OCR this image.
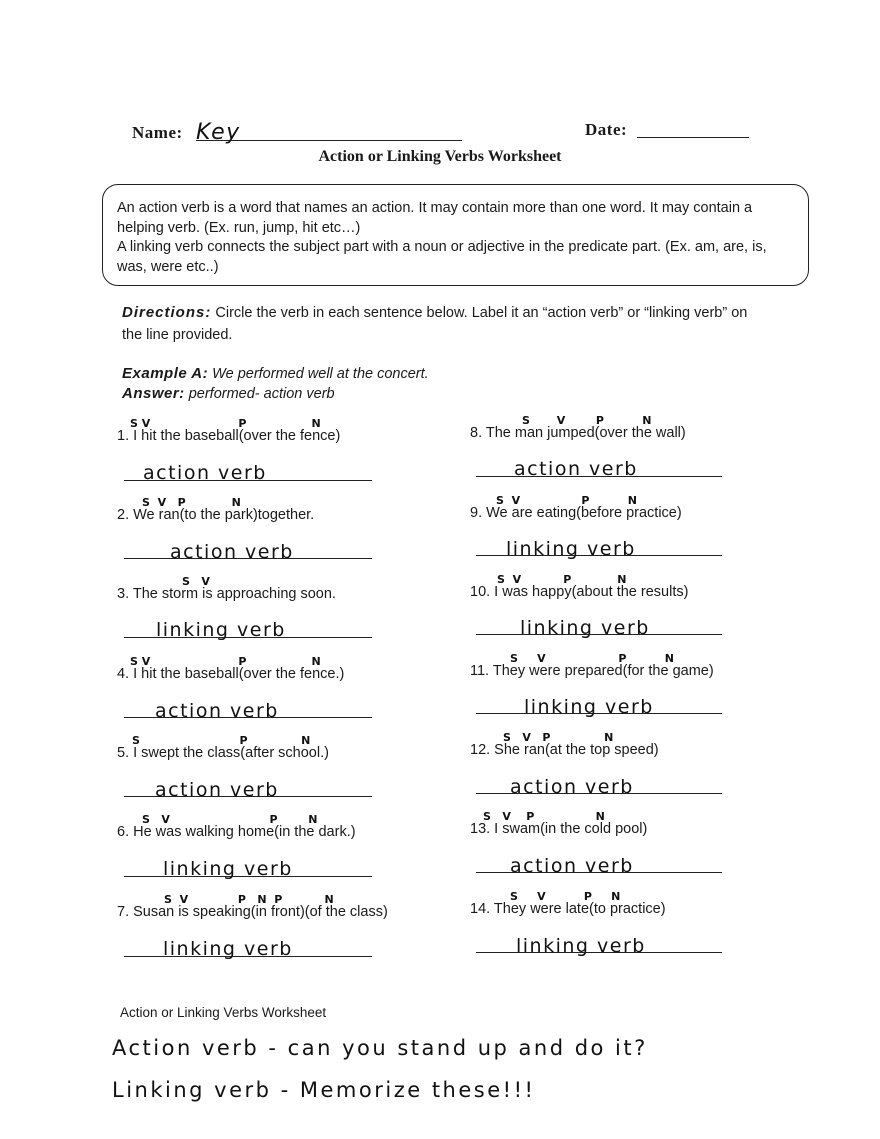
Name: Key	Date:
Action or Linking Verbs Worksheet

An action verb is a word that names an action. It may contain more than one word. It may contain a helping verb. (Ex. run, jump, hit etc…)

A linking verb connects the subject part with a noun or adjective in the predicate part. (Ex. am, are, is, was, were etc..)

Directions: Circle the verb in each sentence below. Label it an “action verb” or “linking verb” on the line provided.
Example A: We performed well at the concert.
Answer: performed- action verb
S V                       P                 N
1. I hit the baseball(over the fence)
action verb
S  V   P            N
2. We ran(to the park)together.
action verb
S   V
3. The storm is approaching soon.
linking verb
S V                       P                 N
4. I hit the baseball(over the fence.)
action verb
S                          P              N
5. I swept the class(after school.)
action verb
S   V                          P        N
6. He was walking home(in the dark.)
linking verb
S  V             P   N  P           N
7. Susan is speaking(in front)(of the class)
linking verb
S       V        P          N
8. The man jumped(over the wall)
action verb
S  V                P          N
9. We are eating(before practice)
linking verb
S  V           P            N
10. I was happy(about the results)
linking verb
S     V                   P          N
11. They were prepared(for the game)
linking verb
S   V   P              N
12. She ran(at the top speed)
action verb
S   V    P                N
13. I swam(in the cold pool)
action verb
S     V          P     N
14. They were late(to practice)
linking verb
Action or Linking Verbs Worksheet
Action verb - can you stand up and do it?
Linking verb - Memorize these!!!
